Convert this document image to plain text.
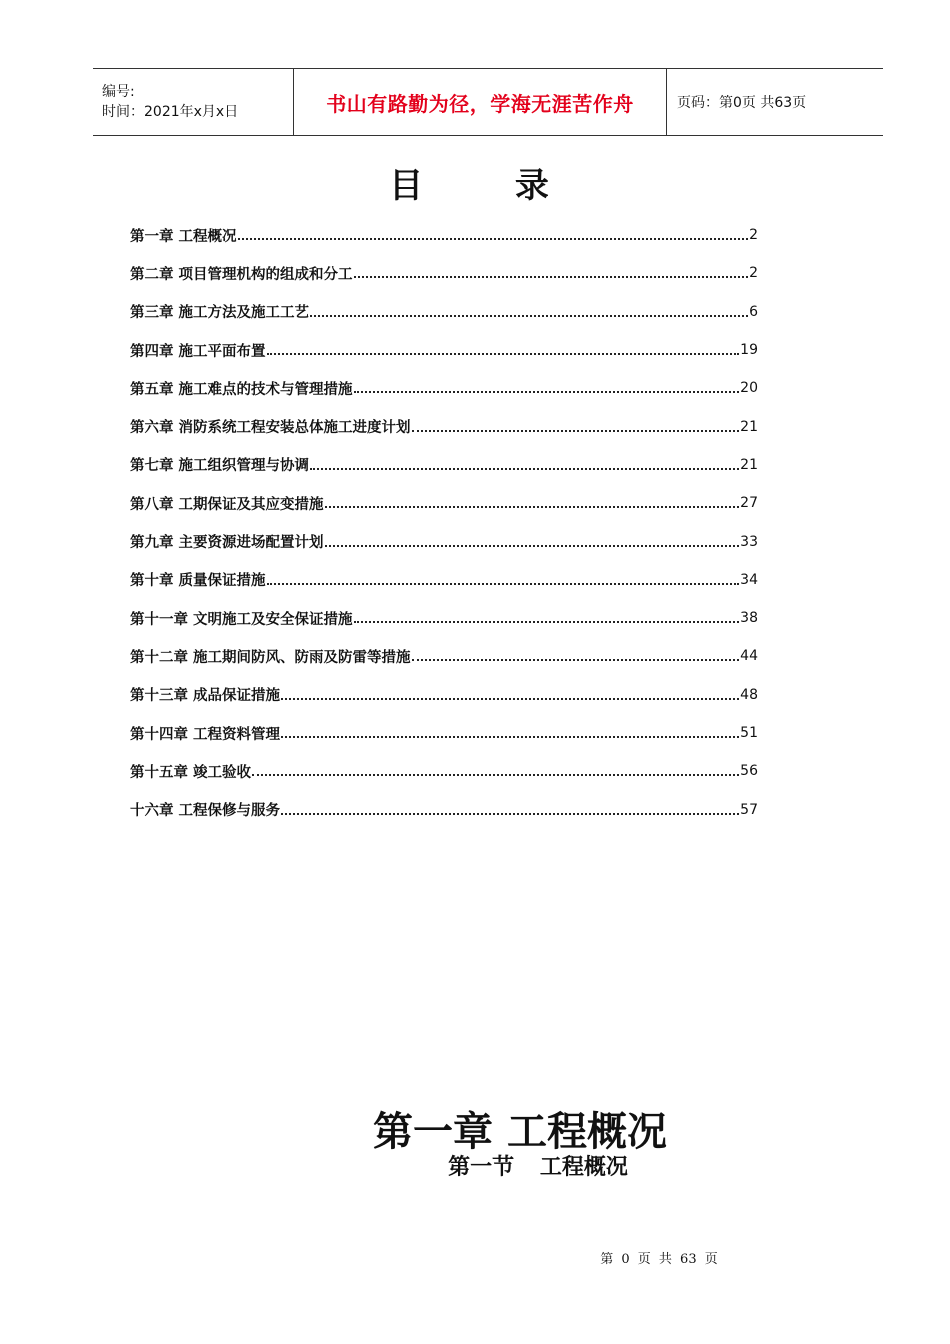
编号:
时间：2021年x月x日	书山有路勤为径，学海无涯苦作舟	页码：第0页 共63页
目 录
第一章 工程概况	2
第二章 项目管理机构的组成和分工	2
第三章 施工方法及施工工艺	6
第四章 施工平面布置	19
第五章 施工难点的技术与管理措施	20
第六章 消防系统工程安装总体施工进度计划	21
第七章 施工组织管理与协调	21
第八章 工期保证及其应变措施	27
第九章 主要资源进场配置计划	33
第十章 质量保证措施	34
第十一章 文明施工及安全保证措施	38
第十二章 施工期间防风、防雨及防雷等措施	44
第十三章 成品保证措施	48
第十四章 工程资料管理	51
第十五章 竣工验收	56
十六章 工程保修与服务	57
第一章 工程概况
第一节 工程概况
第 0 页 共 63 页
